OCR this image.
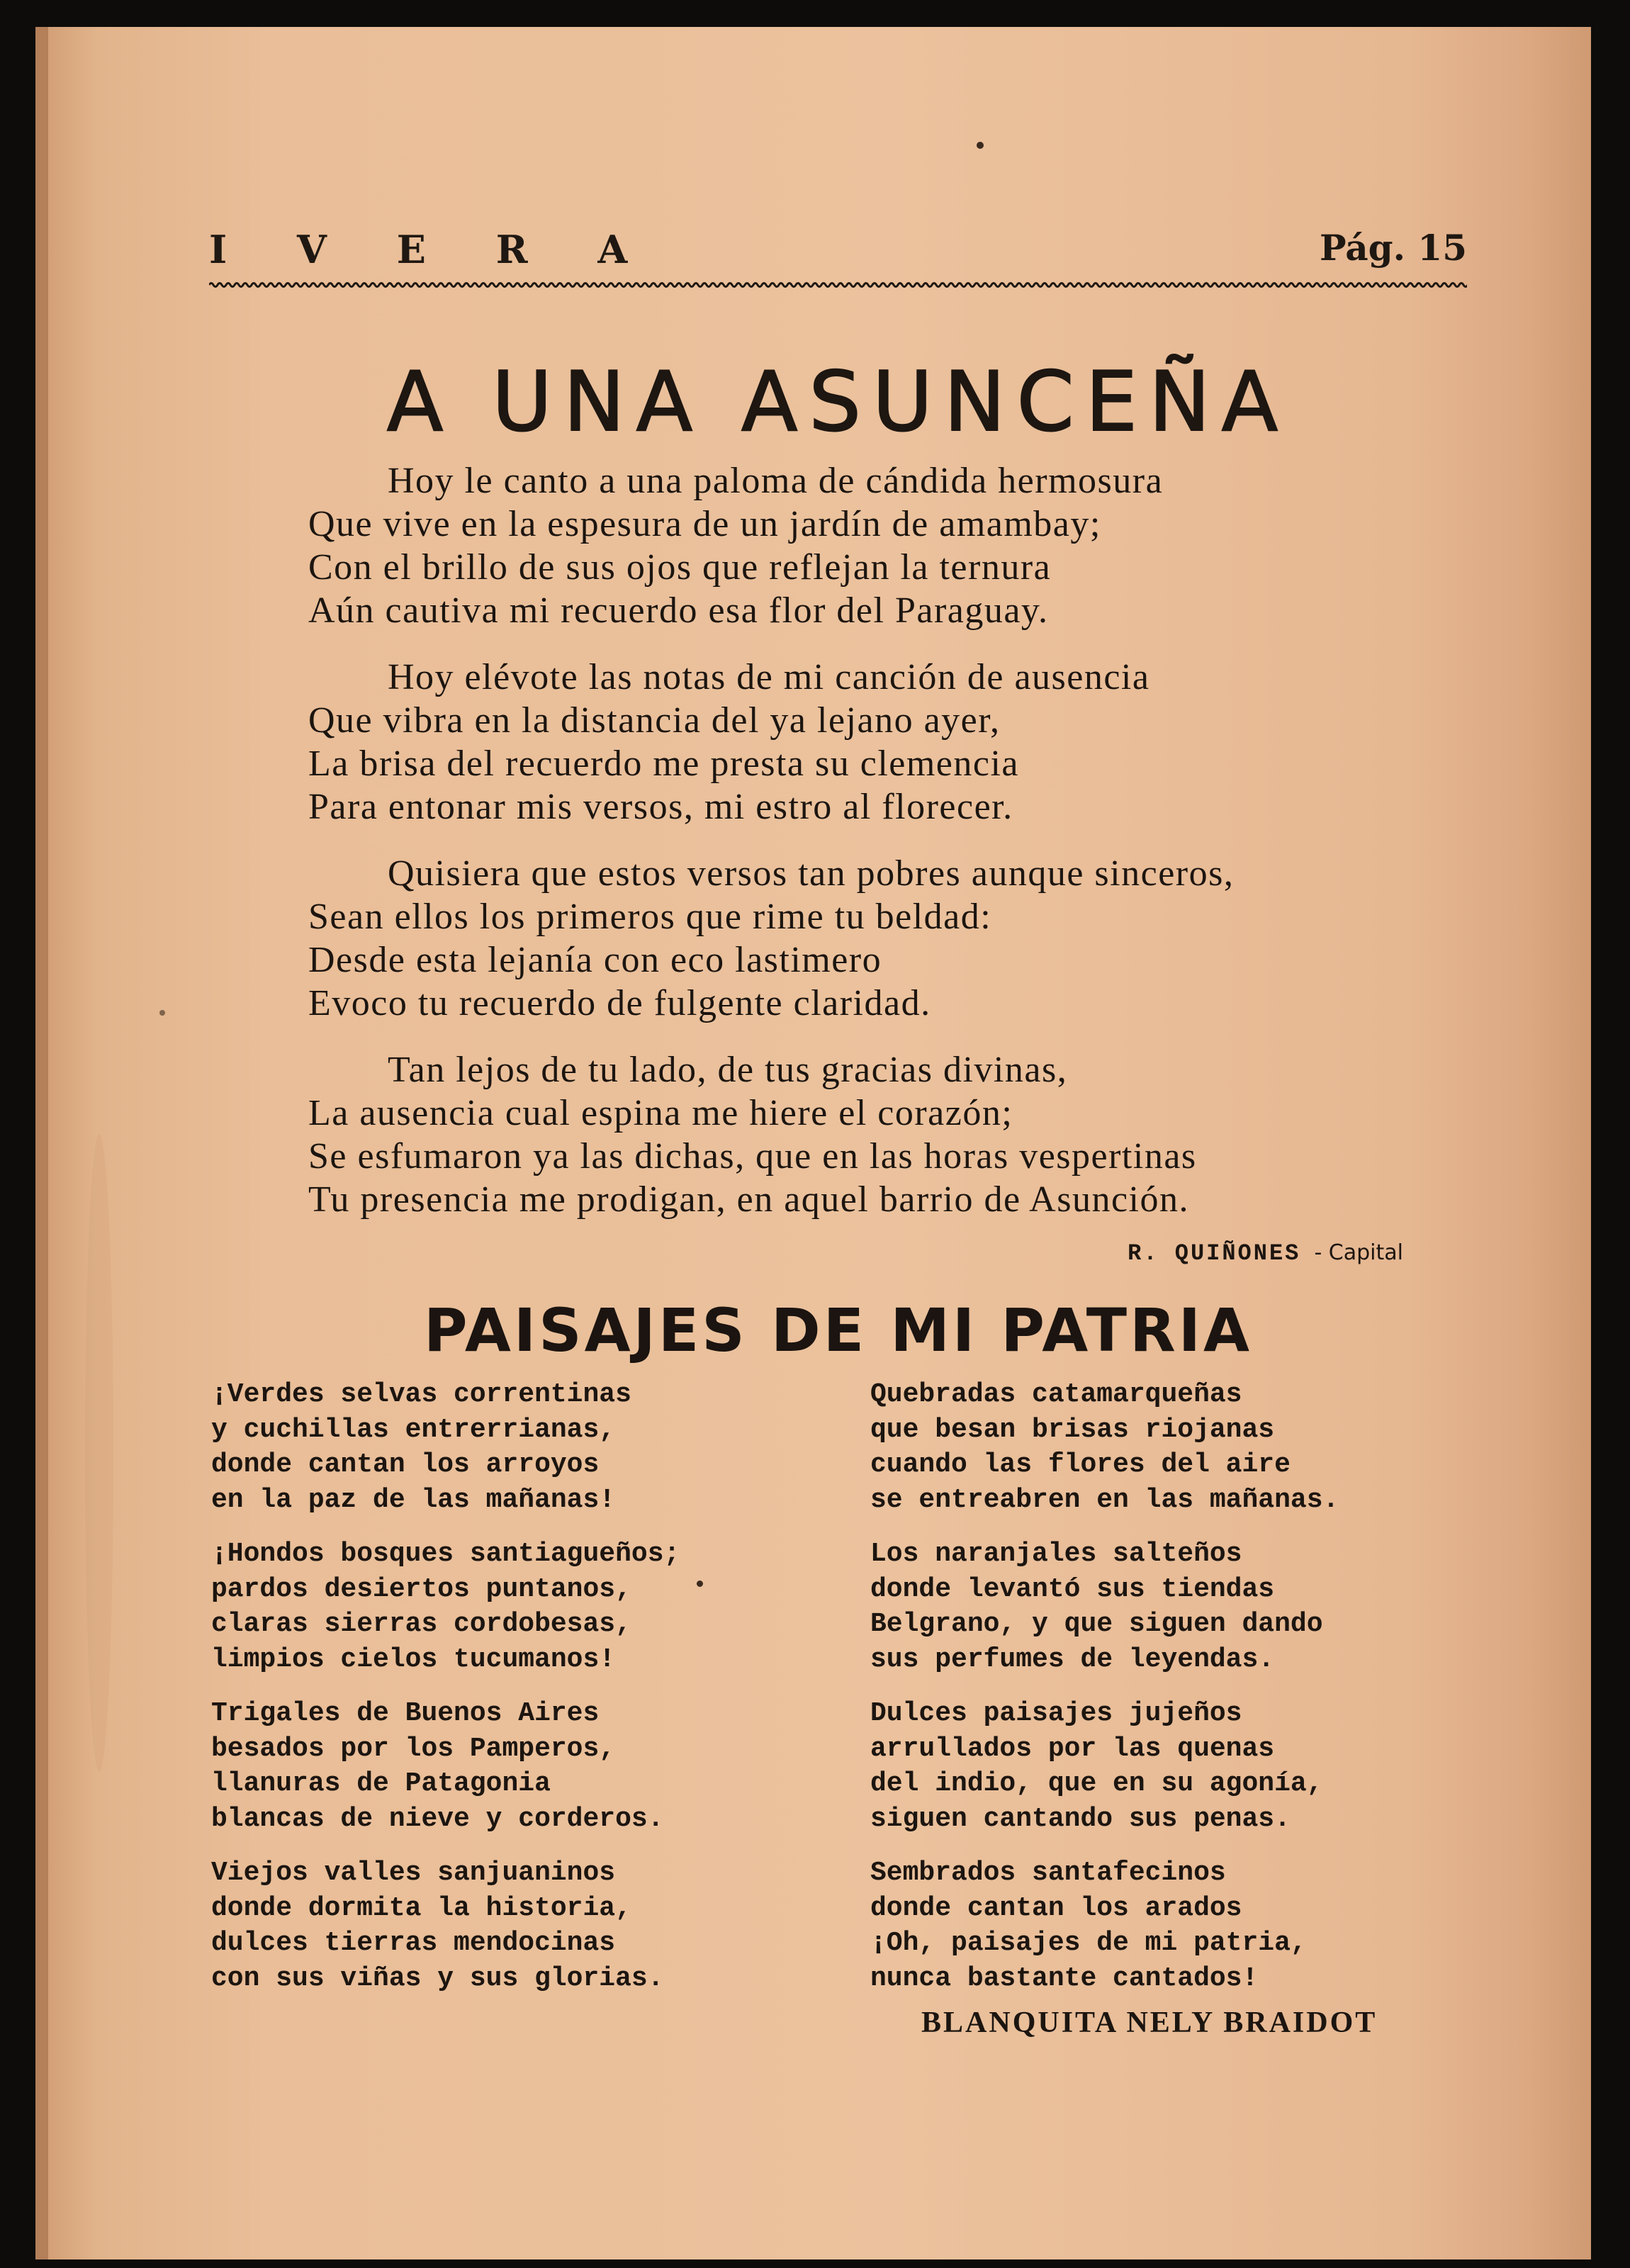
I V E R A	Pág. 15
A UNA ASUNCEÑA
Hoy le canto a una paloma de cándida hermosura
Que vive en la espesura de un jardín de amambay;
Con el brillo de sus ojos que reflejan la ternura
Aún cautiva mi recuerdo esa flor del Paraguay.
Hoy elévote las notas de mi canción de ausencia
Que vibra en la distancia del ya lejano ayer,
La brisa del recuerdo me presta su clemencia
Para entonar mis versos, mi estro al florecer.
Quisiera que estos versos tan pobres aunque sinceros,
Sean ellos los primeros que rime tu beldad:
Desde esta lejanía con eco lastimero
Evoco tu recuerdo de fulgente claridad.
Tan lejos de tu lado, de tus gracias divinas,
La ausencia cual espina me hiere el corazón;
Se esfumaron ya las dichas, que en las horas vespertinas
Tu presencia me prodigan, en aquel barrio de Asunción.
R. QUIÑONES - Capital
PAISAJES DE MI PATRIA
¡Verdes selvas correntinas
y cuchillas entrerrianas,
donde cantan los arroyos
en la paz de las mañanas!
¡Hondos bosques santiagueños;
pardos desiertos puntanos,
claras sierras cordobesas,
limpios cielos tucumanos!
Trigales de Buenos Aires
besados por los Pamperos,
llanuras de Patagonia
blancas de nieve y corderos.
Viejos valles sanjuaninos
donde dormita la historia,
dulces tierras mendocinas
con sus viñas y sus glorias.
Quebradas catamarqueñas
que besan brisas riojanas
cuando las flores del aire
se entreabren en las mañanas.
Los naranjales salteños
donde levantó sus tiendas
Belgrano, y que siguen dando
sus perfumes de leyendas.
Dulces paisajes jujeños
arrullados por las quenas
del indio, que en su agonía,
siguen cantando sus penas.
Sembrados santafecinos
donde cantan los arados
¡Oh, paisajes de mi patria,
nunca bastante cantados!
BLANQUITA NELY BRAIDOT
